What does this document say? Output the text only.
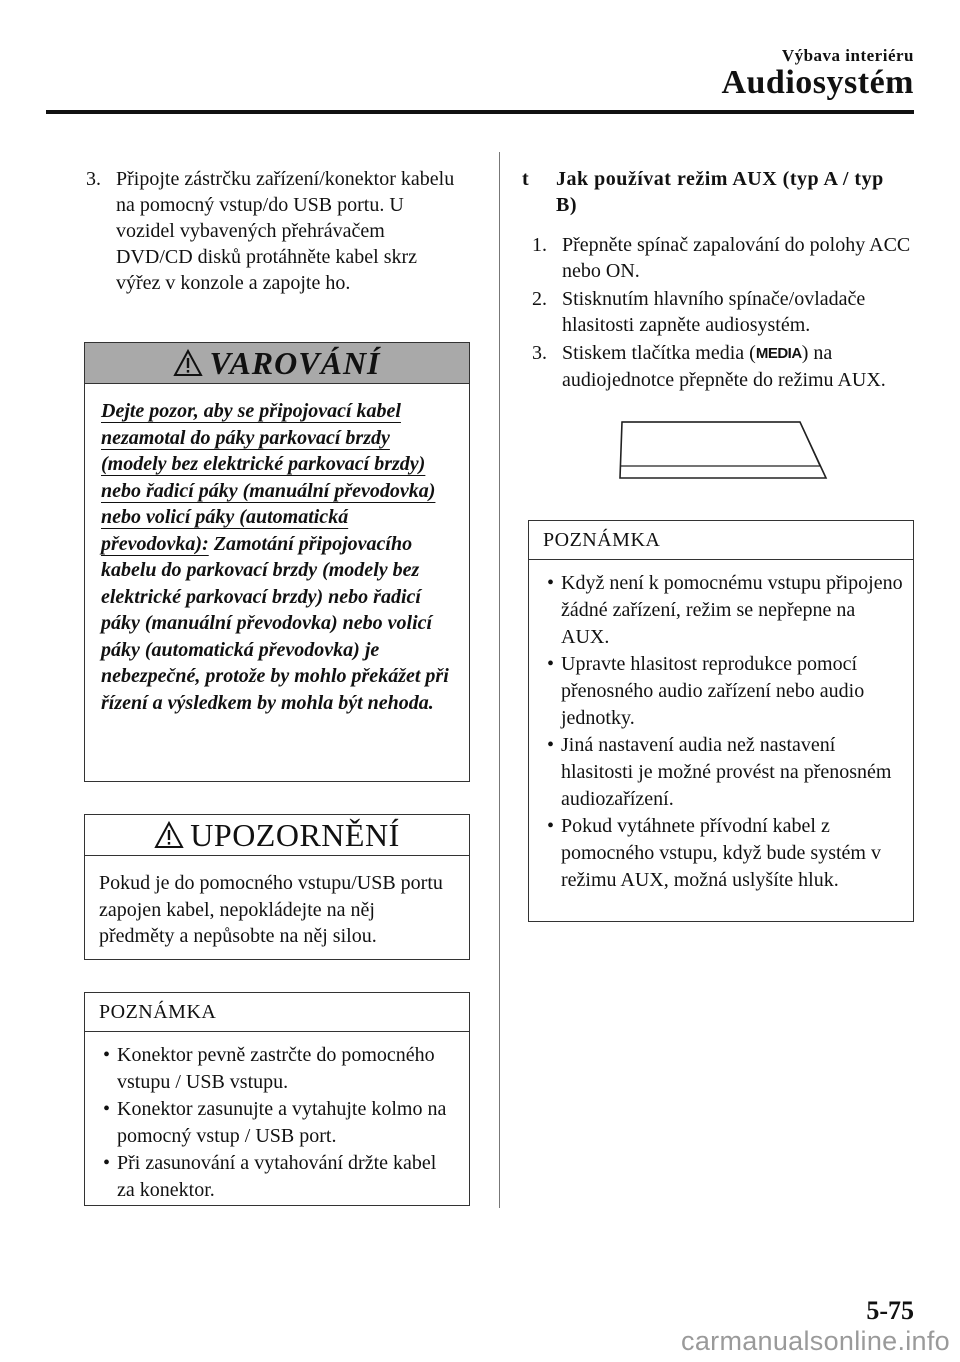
Výbava interiéru
Audiosystém
3. Připojte zástrčku zařízení/konektor kabelu na pomocný vstup/do USB portu. U vozidel vybavených přehrávačem DVD/CD disků protáhněte kabel skrz výřez v konzole a zapojte ho.
VAROVÁNÍ
Dejte pozor, aby se připojovací kabel nezamotal do páky parkovací brzdy (modely bez elektrické parkovací brzdy) nebo řadicí páky (manuální převodovka) nebo volicí páky (automatická převodovka): Zamotání připojovacího kabelu do parkovací brzdy (modely bez elektrické parkovací brzdy) nebo řadicí páky (manuální převodovka) nebo volicí páky (automatická převodovka) je nebezpečné, protože by mohlo překážet při řízení a výsledkem by mohla být nehoda.
UPOZORNĚNÍ
Pokud je do pomocného vstupu/USB portu zapojen kabel, nepokládejte na něj předměty a nepůsobte na něj silou.
POZNÁMKA
• Konektor pevně zastrčte do pomocného vstupu / USB vstupu.
• Konektor zasunujte a vytahujte kolmo na pomocný vstup / USB port.
• Při zasunování a vytahování držte kabel za konektor.
t	Jak používat režim AUX (typ A / typ B)
1. Přepněte spínač zapalování do polohy ACC nebo ON.
2. Stisknutím hlavního spínače/ovladače hlasitosti zapněte audiosystém.
3. Stiskem tlačítka media (MEDIA) na audiojednotce přepněte do režimu AUX.
POZNÁMKA
• Když není k pomocnému vstupu připojeno žádné zařízení, režim se nepřepne na AUX.
• Upravte hlasitost reprodukce pomocí přenosného audio zařízení nebo audio jednotky.
• Jiná nastavení audia než nastavení hlasitosti je možné provést na přenosném audiozařízení.
• Pokud vytáhnete přívodní kabel z pomocného vstupu, když bude systém v režimu AUX, možná uslyšíte hluk.
5-75
carmanualsonline.info
